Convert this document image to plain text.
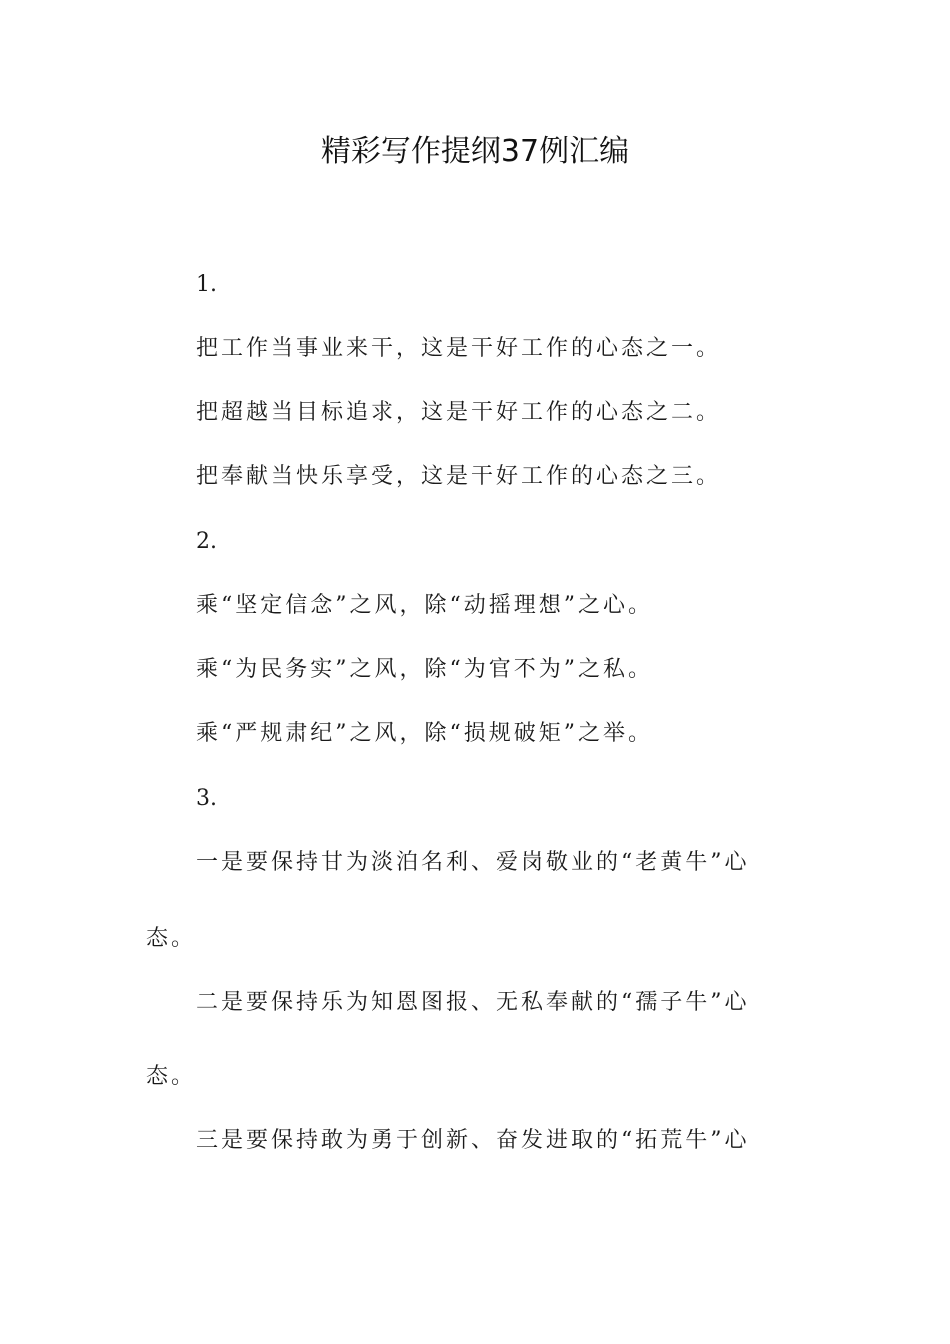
精彩写作提纲37例汇编
1.
把工作当事业来干，这是干好工作的心态之一。
把超越当目标追求，这是干好工作的心态之二。
把奉献当快乐享受，这是干好工作的心态之三。
2.
乘“坚定信念”之风，除“动摇理想”之心。
乘“为民务实”之风，除“为官不为”之私。
乘“严规肃纪”之风，除“损规破矩”之举。
3.
一是要保持甘为淡泊名利、爱岗敬业的“老黄牛”心
态。
二是要保持乐为知恩图报、无私奉献的“孺子牛”心
态。
三是要保持敢为勇于创新、奋发进取的“拓荒牛”心
